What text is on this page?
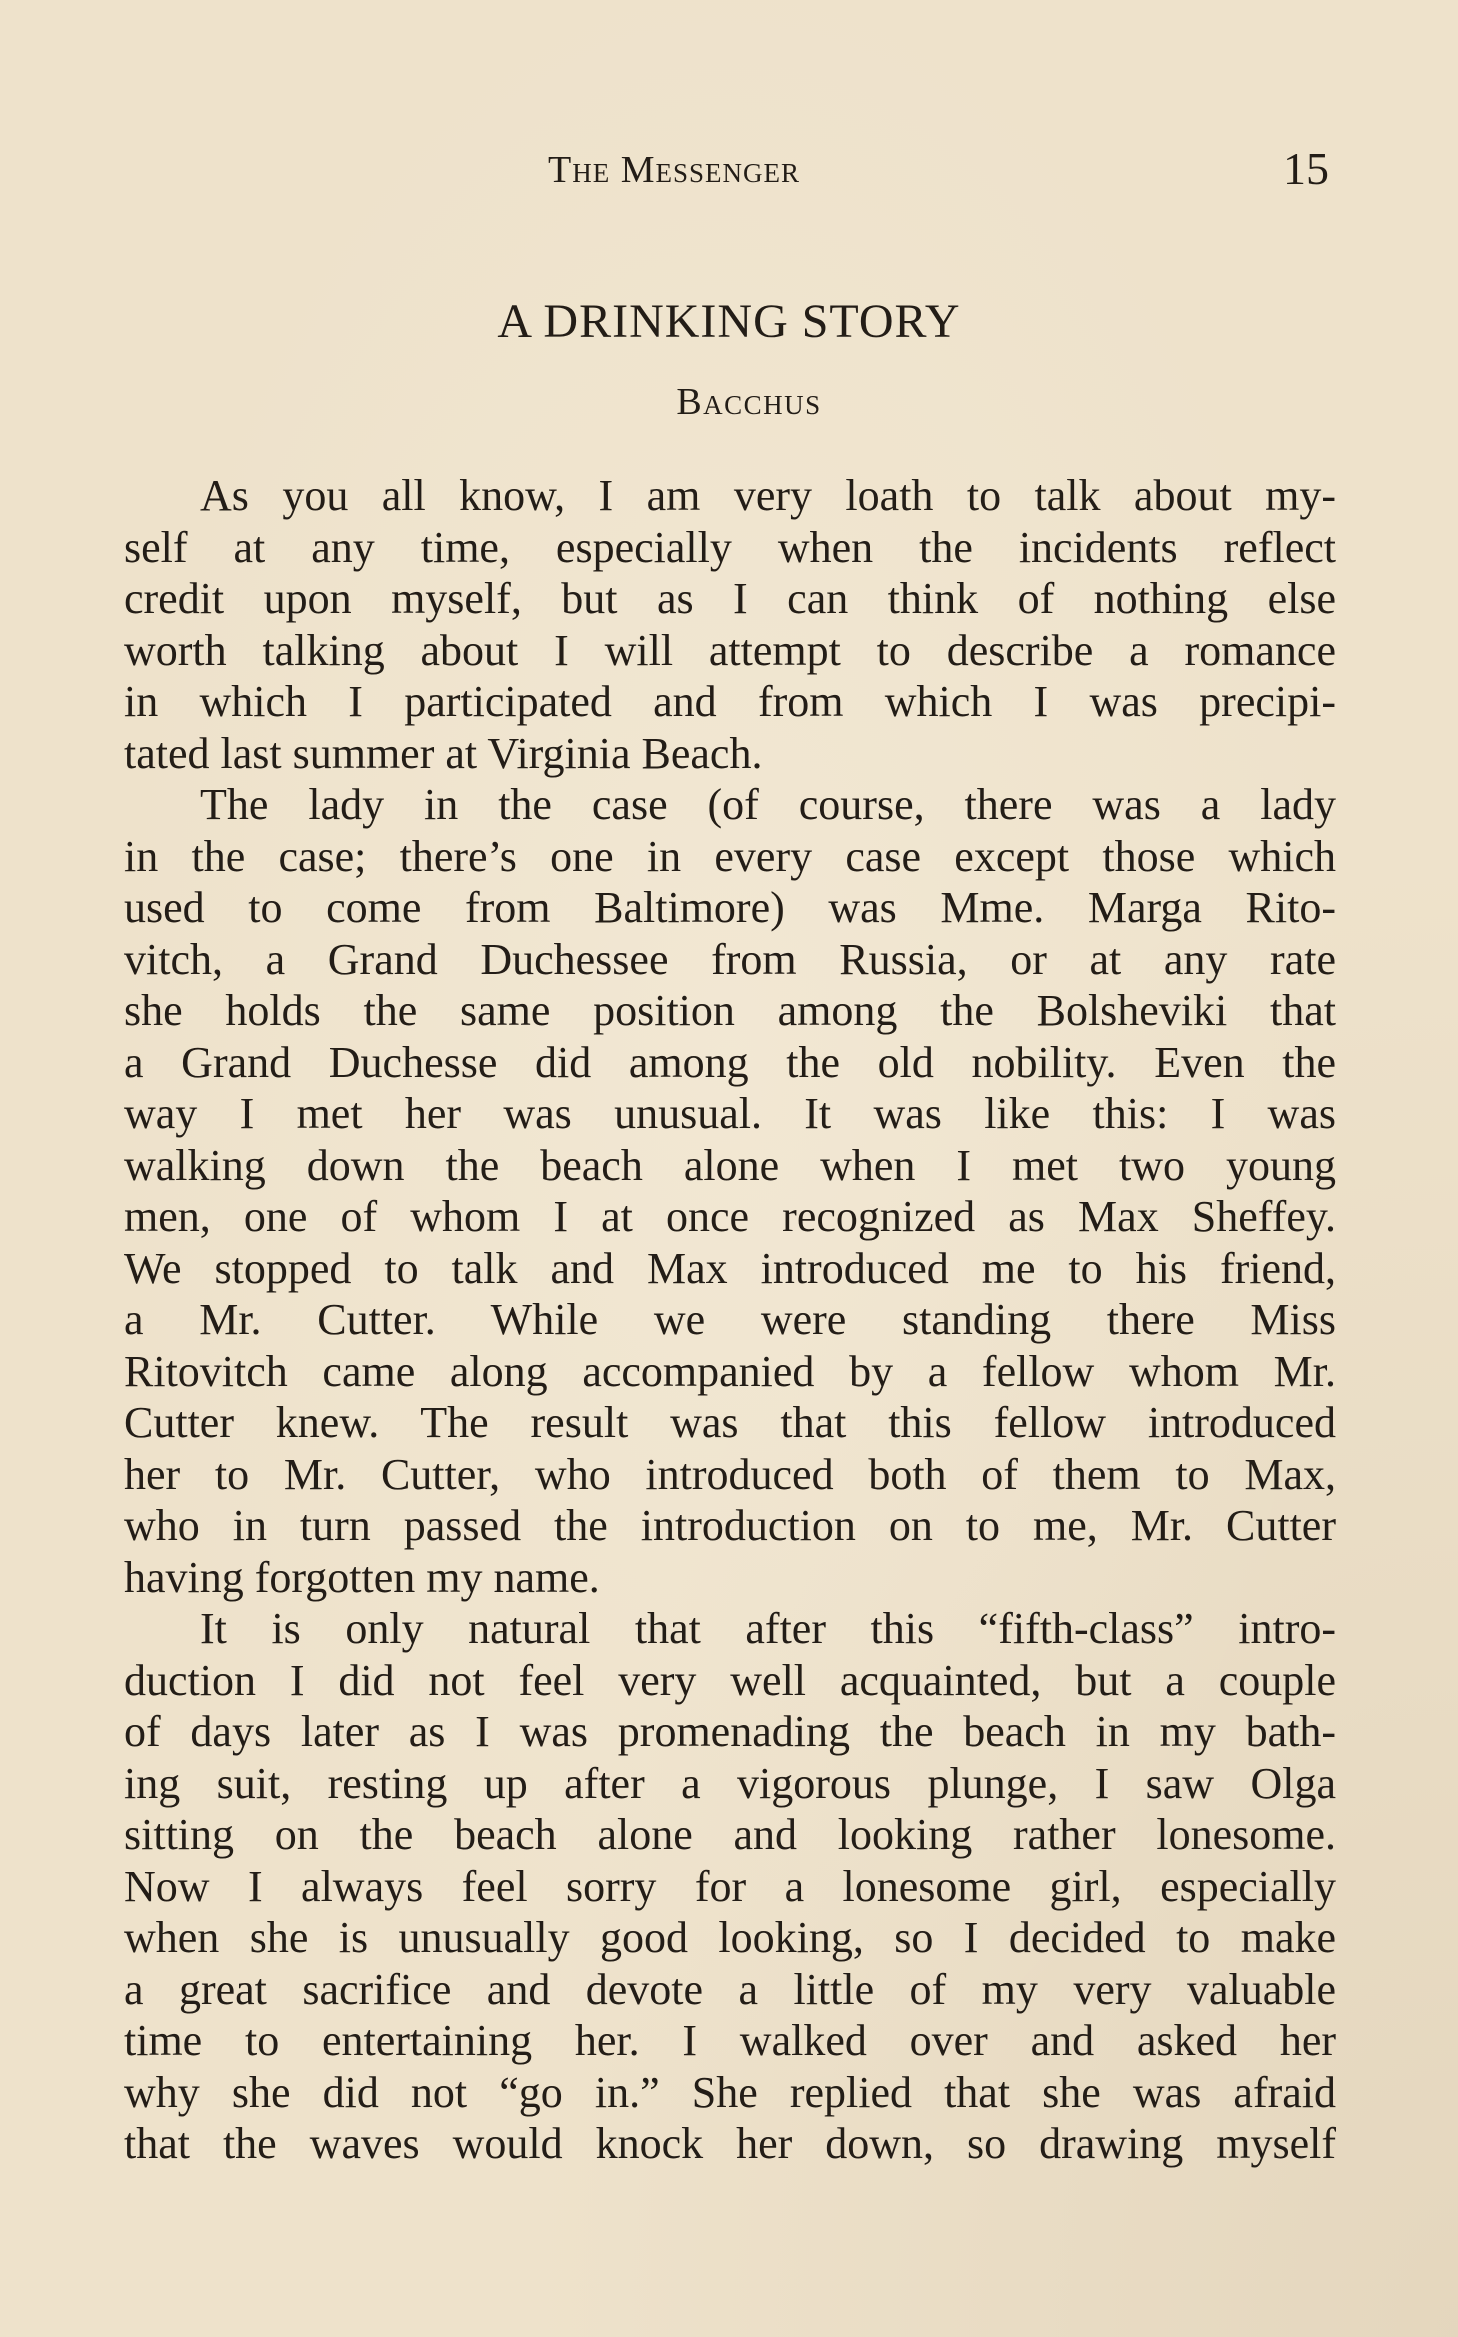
The Messenger	15
A DRINKING STORY
Bacchus
As you all know, I am very loath to talk about my-
self at any time, especially when the incidents reflect
credit upon myself, but as I can think of nothing else
worth talking about I will attempt to describe a romance
in which I participated and from which I was precipi-
tated last summer at Virginia Beach.
The lady in the case (of course, there was a lady
in the case; there’s one in every case except those which
used to come from Baltimore) was Mme. Marga Rito-
vitch, a Grand Duchessee from Russia, or at any rate
she holds the same position among the Bolsheviki that
a Grand Duchesse did among the old nobility. Even the
way I met her was unusual. It was like this: I was
walking down the beach alone when I met two young
men, one of whom I at once recognized as Max Sheffey.
We stopped to talk and Max introduced me to his friend,
a Mr. Cutter. While we were standing there Miss
Ritovitch came along accompanied by a fellow whom Mr.
Cutter knew. The result was that this fellow introduced
her to Mr. Cutter, who introduced both of them to Max,
who in turn passed the introduction on to me, Mr. Cutter
having forgotten my name.
It is only natural that after this “fifth-class” intro-
duction I did not feel very well acquainted, but a couple
of days later as I was promenading the beach in my bath-
ing suit, resting up after a vigorous plunge, I saw Olga
sitting on the beach alone and looking rather lonesome.
Now I always feel sorry for a lonesome girl, especially
when she is unusually good looking, so I decided to make
a great sacrifice and devote a little of my very valuable
time to entertaining her. I walked over and asked her
why she did not “go in.” She replied that she was afraid
that the waves would knock her down, so drawing myself
